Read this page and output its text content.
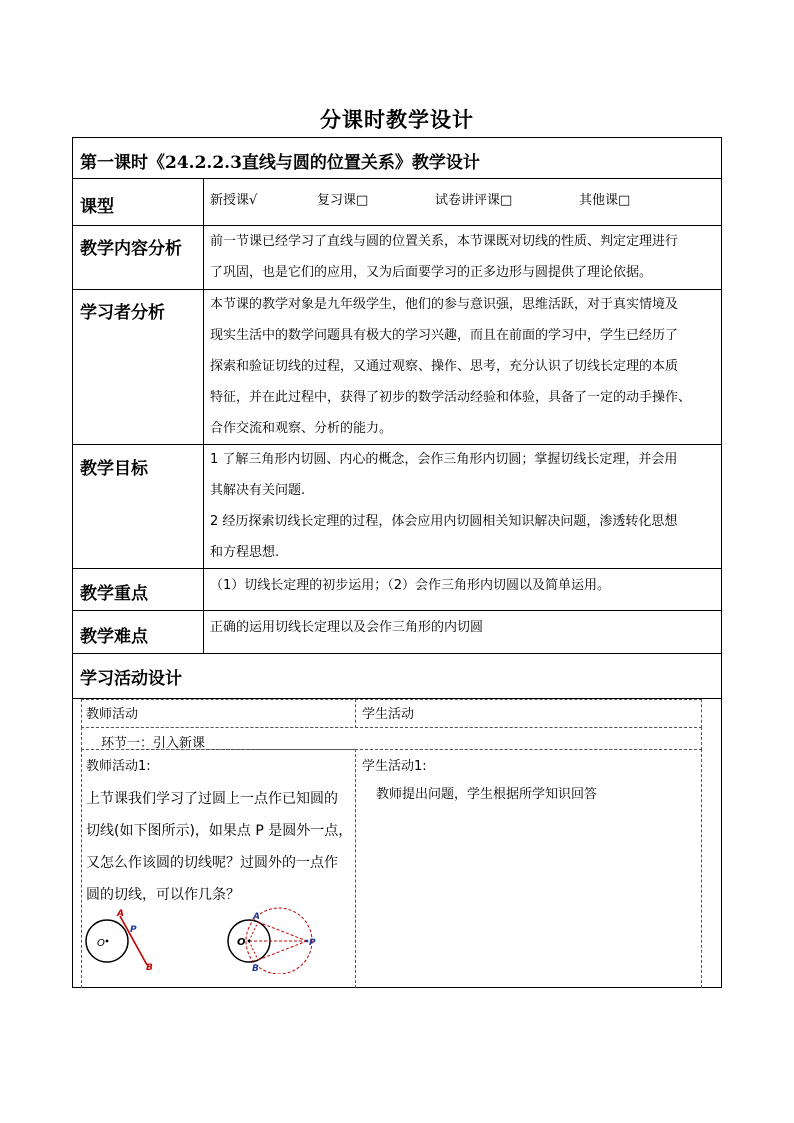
分课时教学设计
第一课时《24.2.2.3直线与圆的位置关系》教学设计
课型	新授课√	复习课□	试卷讲评课□	其他课□
教学内容分析 前一节课已经学习了直线与圆的位置关系，本节课既对切线的性质、判定定理进行
了巩固，也是它们的应用，又为后面要学习的正多边形与圆提供了理论依据。
学习者分析	本节课的教学对象是九年级学生，他们的参与意识强，思维活跃，对于真实情境及
现实生活中的数学问题具有极大的学习兴趣，而且在前面的学习中，学生已经历了
探索和验证切线的过程，又通过观察、操作、思考，充分认识了切线长定理的本质
特征，并在此过程中，获得了初步的数学活动经验和体验，具备了一定的动手操作、
合作交流和观察、分析的能力。
教学目标	1 了解三角形内切圆、内心的概念，会作三角形内切圆；掌握切线长定理，并会用
其解决有关问题.
2 经历探索切线长定理的过程，体会应用内切圆相关知识解决问题，渗透转化思想
和方程思想.
教学重点	（1）切线长定理的初步运用；（2）会作三角形内切圆以及简单运用。
教学难点	正确的运用切线长定理以及会作三角形的内切圆
学习活动设计
教师活动	学生活动
环节一：引入新课
教师活动1:
上节课我们学习了过圆上一点作已知圆的
切线(如下图所示)，如果点 P 是圆外一点，
又怎么作该圆的切线呢？过圆外的一点作
圆的切线，可以作几条？
学生活动1:
教师提出问题，学生根据所学知识回答
O
A
P
B
O
A
P
B
